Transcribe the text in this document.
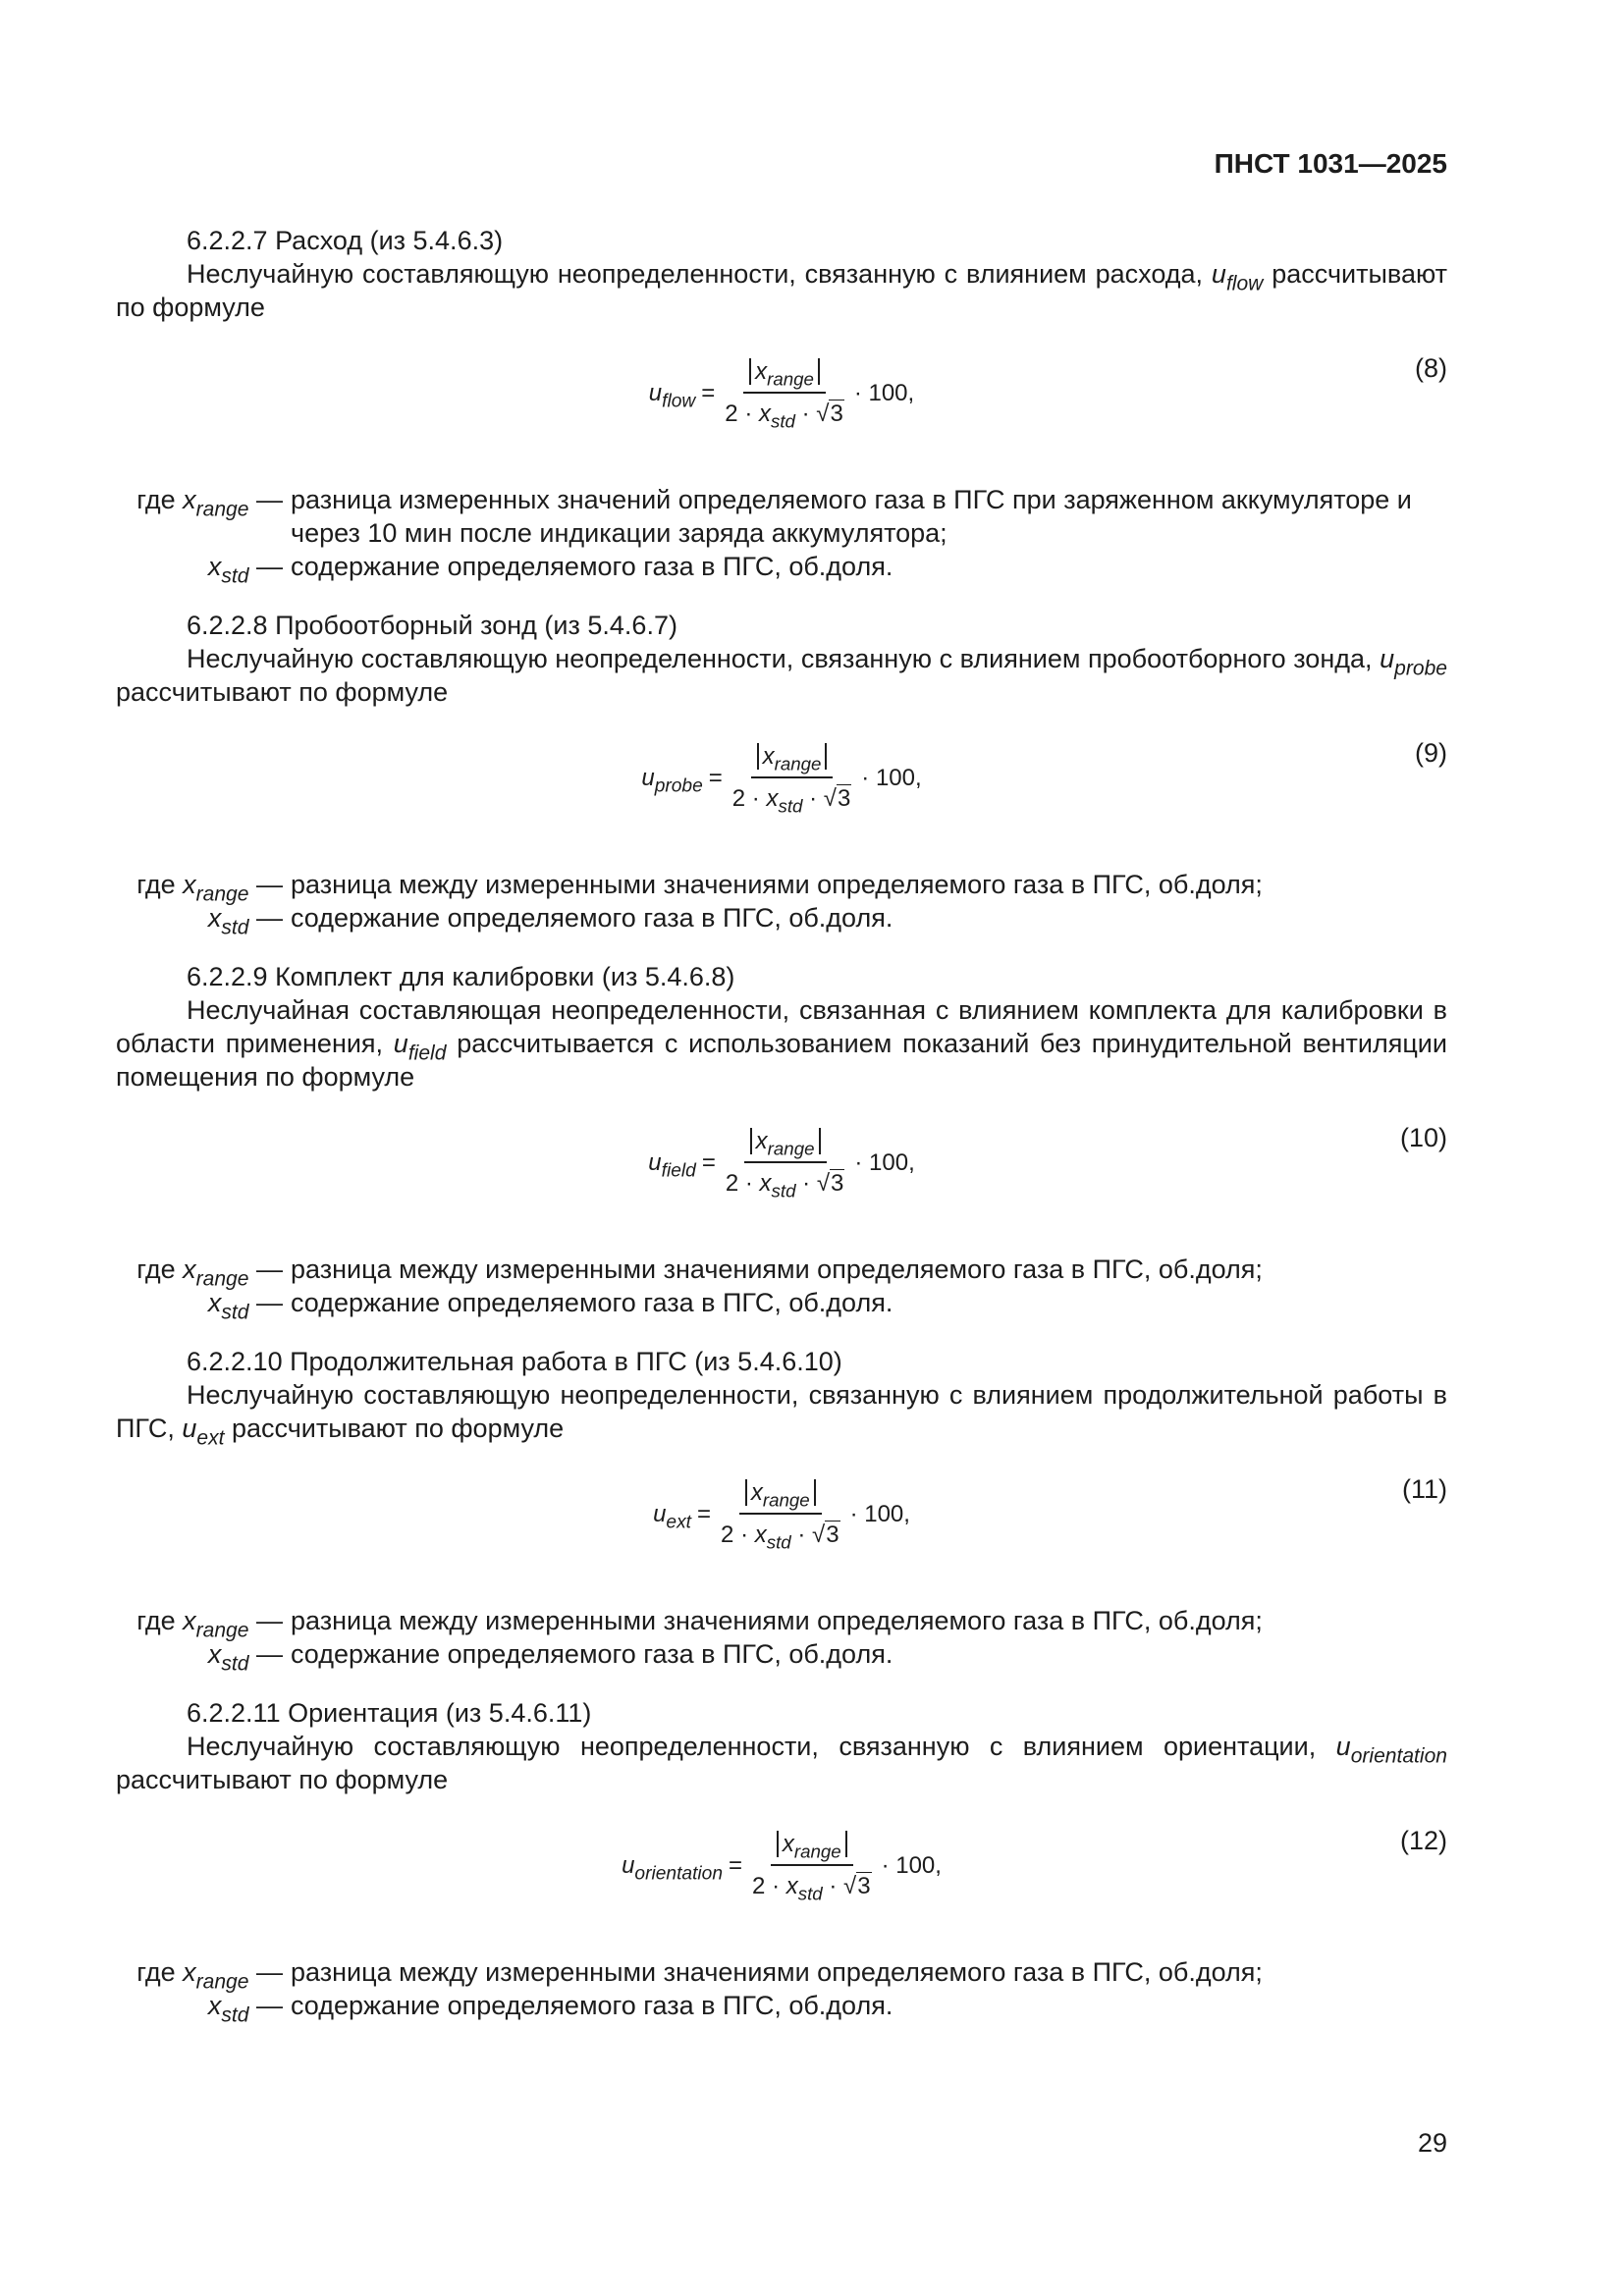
ПНСТ 1031—2025
6.2.2.7 Расход (из 5.4.6.3)
Неслучайную составляющую неопределенности, связанную с влиянием расхода, $u_{flow}$ рассчитывают по формуле
$u_{flow} = \frac{x_{range}}{2 \cdot x_{std} \cdot √3} \cdot 100$,
(8)
где $x_{range}$ — разница измеренных значений определяемого газа в ПГС при заряженном аккумуляторе и через 10 мин после индикации заряда аккумулятора;
$x_{std}$ — содержание определяемого газа в ПГС, об.доля.
6.2.2.8 Пробоотборный зонд (из 5.4.6.7)
Неслучайную составляющую неопределенности, связанную с влиянием пробоотборного зонда, $u_{probe}$ рассчитывают по формуле
$u_{probe} = \frac{x_{range}}{2 \cdot x_{std} \cdot √3} \cdot 100$,
(9)
где $x_{range}$ — разница между измеренными значениями определяемого газа в ПГС, об.доля;
$x_{std}$ — содержание определяемого газа в ПГС, об.доля.
6.2.2.9 Комплект для калибровки (из 5.4.6.8)
Неслучайная составляющая неопределенности, связанная с влиянием комплекта для калибровки в области применения, $u_{field}$ рассчитывается с использованием показаний без принудительной вентиляции помещения по формуле
$u_{field} = \frac{x_{range}}{2 \cdot x_{std} \cdot √3} \cdot 100$,
(10)
где $x_{range}$ — разница между измеренными значениями определяемого газа в ПГС, об.доля;
$x_{std}$ — содержание определяемого газа в ПГС, об.доля.
6.2.2.10 Продолжительная работа в ПГС (из 5.4.6.10)
Неслучайную составляющую неопределенности, связанную с влиянием продолжительной работы в ПГС, $u_{ext}$ рассчитывают по формуле
$u_{ext} = \frac{x_{range}}{2 \cdot x_{std} \cdot √3} \cdot 100$,
(11)
где $x_{range}$ — разница между измеренными значениями определяемого газа в ПГС, об.доля;
$x_{std}$ — содержание определяемого газа в ПГС, об.доля.
6.2.2.11 Ориентация (из 5.4.6.11)
Неслучайную составляющую неопределенности, связанную с влиянием ориентации, $u_{orientation}$ рассчитывают по формуле
$u_{orientation} = \frac{x_{range}}{2 \cdot x_{std} \cdot √3} \cdot 100$,
(12)
где $x_{range}$ — разница между измеренными значениями определяемого газа в ПГС, об.доля;
$x_{std}$ — содержание определяемого газа в ПГС, об.доля.
29
